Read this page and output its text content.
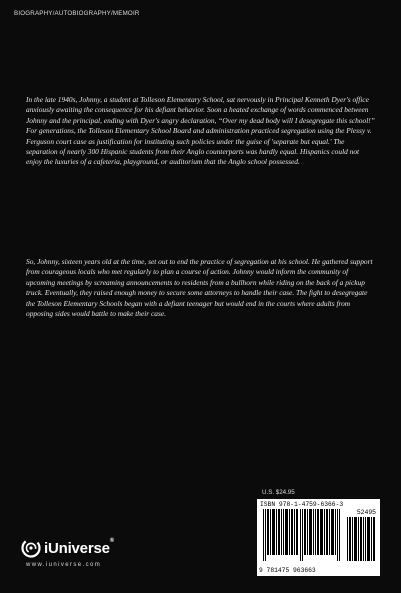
BIOGRAPHY/AUTOBIOGRAPHY/MEMOIR

In the late 1940s, Johnny, a student at Tolleson Elementary School, sat nervously in Principal Kenneth Dyer's office anxiously awaiting the consequence for his defiant behavior. Soon a heated exchange of words commenced between Johnny and the principal, ending with Dyer's angry declaration, “Over my dead body will I desegregate this school!” For generations, the Tolleson Elementary School Board and administration practiced segregation using the Plessy v. Ferguson court case as justification for instituting such policies under the guise of 'separate but equal.' The separation of nearly 300 Hispanic students from their Anglo counterparts was hardly equal. Hispanics could not enjoy the luxuries of a cafeteria, playground, or auditorium that the Anglo school possessed.

So, Johnny, sixteen years old at the time, set out to end the practice of segregation at his school. He gathered support from courageous locals who met regularly to plan a course of action. Johnny would inform the community of upcoming meetings by screaming announcements to residents from a bullhorn while riding on the back of a pickup truck. Eventually, they raised enough money to secure some attorneys to handle their case. The fight to desegregate the Tolleson Elementary Schools began with a defiant teenager but would end in the courts where adults from opposing sides would battle to make their case.

U.S. $24.95
ISBN 978-1-4759-6366-3
52495
9 781475 963663
iUniverse ®
www.iuniverse.com
